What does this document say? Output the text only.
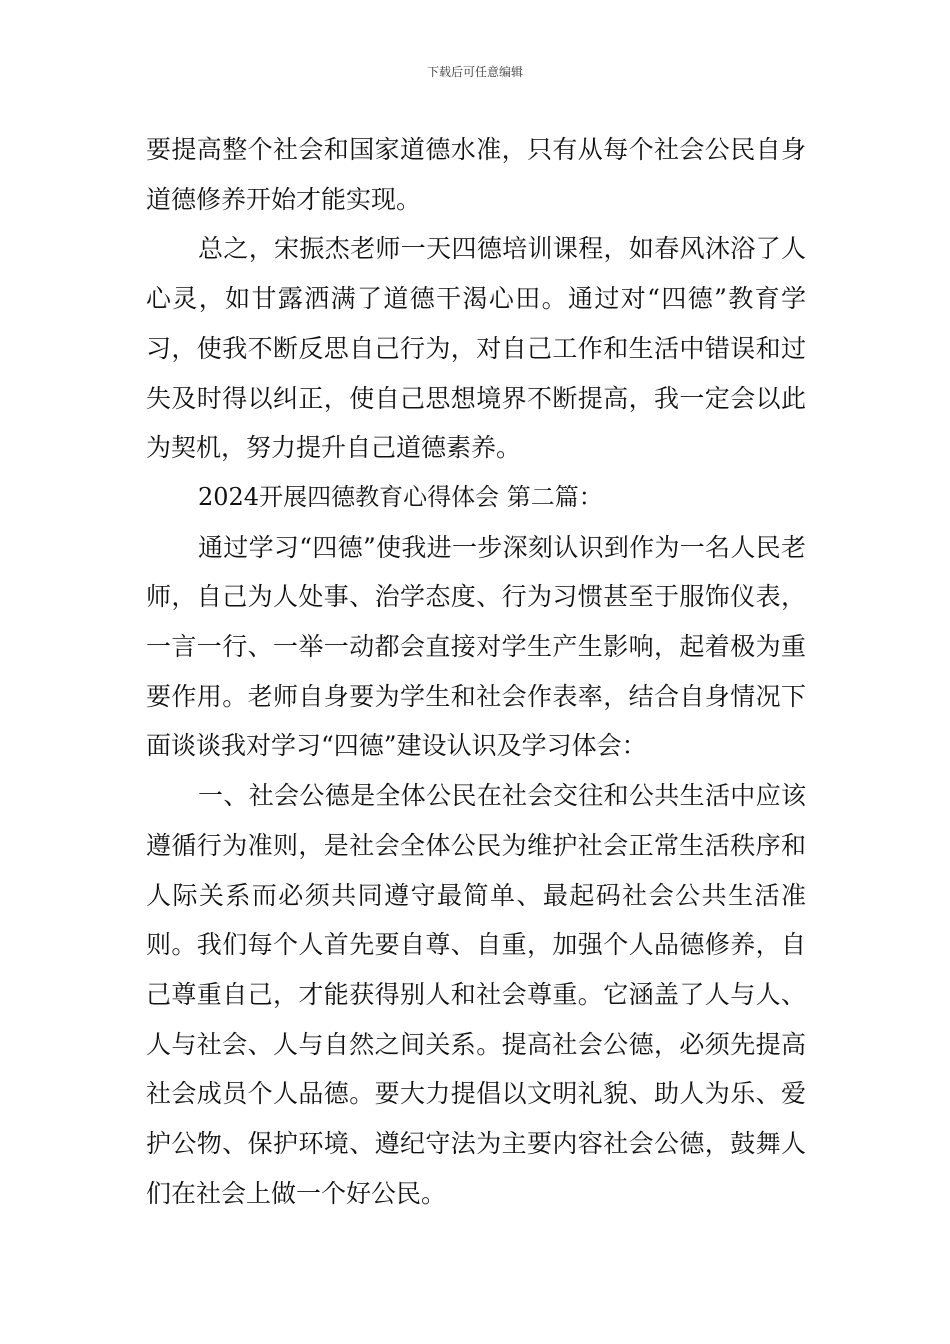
下载后可任意编辑

要提高整个社会和国家道德水准，只有从每个社会公民自身道德修养开始才能实现。

总之，宋振杰老师一天四德培训课程，如春风沐浴了人心灵，如甘露洒满了道德干渴心田。通过对“四德”教育学习，使我不断反思自己行为，对自己工作和生活中错误和过失及时得以纠正，使自己思想境界不断提高，我一定会以此为契机，努力提升自己道德素养。

2024开展四德教育心得体会 第二篇：

通过学习“四德”使我进一步深刻认识到作为一名人民老师，自己为人处事、治学态度、行为习惯甚至于服饰仪表，一言一行、一举一动都会直接对学生产生影响，起着极为重要作用。老师自身要为学生和社会作表率，结合自身情况下面谈谈我对学习“四德”建设认识及学习体会：

一、社会公德是全体公民在社会交往和公共生活中应该遵循行为准则，是社会全体公民为维护社会正常生活秩序和人际关系而必须共同遵守最简单、最起码社会公共生活准则。我们每个人首先要自尊、自重，加强个人品德修养，自己尊重自己，才能获得别人和社会尊重。它涵盖了人与人、人与社会、人与自然之间关系。提高社会公德，必须先提高社会成员个人品德。要大力提倡以文明礼貌、助人为乐、爱护公物、保护环境、遵纪守法为主要内容社会公德，鼓舞人们在社会上做一个好公民。
